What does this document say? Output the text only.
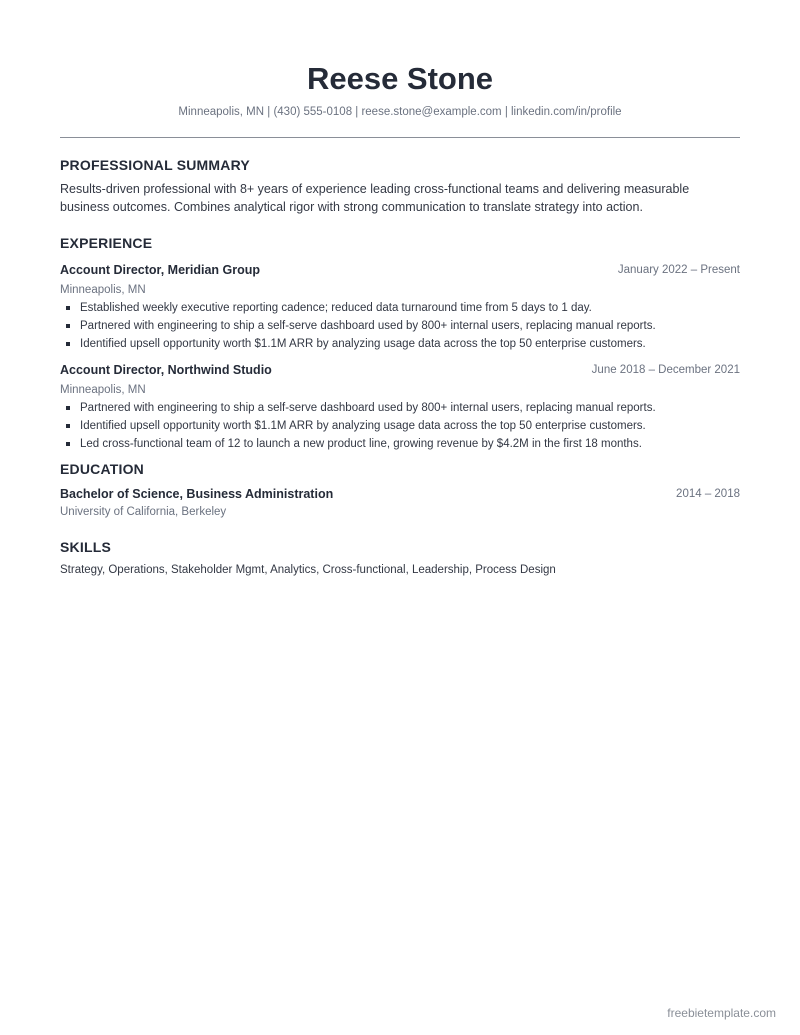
Reese Stone
Minneapolis, MN | (430) 555-0108 | reese.stone@example.com | linkedin.com/in/profile
PROFESSIONAL SUMMARY
Results-driven professional with 8+ years of experience leading cross-functional teams and delivering measurable business outcomes. Combines analytical rigor with strong communication to translate strategy into action.
EXPERIENCE
Account Director, Meridian Group	January 2022 – Present
Minneapolis, MN
Established weekly executive reporting cadence; reduced data turnaround time from 5 days to 1 day.
Partnered with engineering to ship a self-serve dashboard used by 800+ internal users, replacing manual reports.
Identified upsell opportunity worth $1.1M ARR by analyzing usage data across the top 50 enterprise customers.
Account Director, Northwind Studio	June 2018 – December 2021
Minneapolis, MN
Partnered with engineering to ship a self-serve dashboard used by 800+ internal users, replacing manual reports.
Identified upsell opportunity worth $1.1M ARR by analyzing usage data across the top 50 enterprise customers.
Led cross-functional team of 12 to launch a new product line, growing revenue by $4.2M in the first 18 months.
EDUCATION
Bachelor of Science, Business Administration	2014 – 2018
University of California, Berkeley
SKILLS
Strategy, Operations, Stakeholder Mgmt, Analytics, Cross-functional, Leadership, Process Design
freebietemplate.com
